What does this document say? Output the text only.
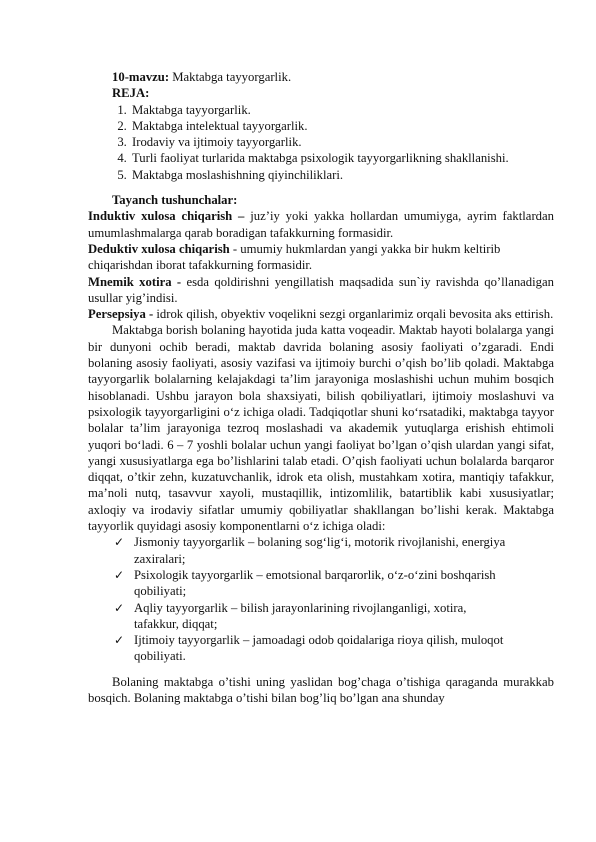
10-mavzu: Maktabga tayyorgarlik.
REJA:
1. Maktabga tayyorgarlik.
2. Maktabga intelektual tayyorgarlik.
3. Irodaviy va ijtimoiy tayyorgarlik.
4. Turli faoliyat turlarida maktabga psixologik tayyorgarlikning shakllanishi.
5. Maktabga moslashishning qiyinchiliklari.
Tayanch tushunchalar:
Induktiv xulosa chiqarish – juz’iy yoki yakka hollardan umumiyga, ayrim faktlardan umumlashmalarga qarab boradigan tafakkurning formasidir.
Deduktiv xulosa chiqarish - umumiy hukmlardan yangi yakka bir hukm keltirib chiqarishdan iborat tafakkurning formasidir.
Mnemik xotira - esda qoldirishni yengillatish maqsadida sun`iy ravishda qo’llanadigan usullar yig’indisi.
Persepsiya - idrok qilish, obyektiv voqelikni sezgi organlarimiz orqali bevosita aks ettirish.
Maktabga borish bolaning hayotida juda katta voqeadir. Maktab hayoti bolalarga yangi bir dunyoni ochib beradi, maktab davrida bolaning asosiy faoliyati o’zgaradi. Endi bolaning asosiy faoliyati, asosiy vazifasi va ijtimoiy burchi o’qish bo’lib qoladi. Maktabga tayyorgarlik bolalarning kelajakdagi ta’lim jarayoniga moslashishi uchun muhim bosqich hisoblanadi. Ushbu jarayon bola shaxsiyati, bilish qobiliyatlari, ijtimoiy moslashuvi va psixologik tayyorgarligini o‘z ichiga oladi. Tadqiqotlar shuni ko‘rsatadiki, maktabga tayyor bolalar ta’lim jarayoniga tezroq moslashadi va akademik yutuqlarga erishish ehtimoli yuqori bo‘ladi. 6 – 7 yoshli bolalar uchun yangi faoliyat bo’lgan o’qish ulardan yangi sifat, yangi xususiyatlarga ega bo’lishlarini talab etadi. O’qish faoliyati uchun bolalarda barqaror diqqat, o’tkir zehn, kuzatuvchanlik, idrok eta olish, mustahkam xotira, mantiqiy tafakkur, ma’noli nutq, tasavvur xayoli, mustaqillik, intizomlilik, batartiblik kabi xususiyatlar; axloqiy va irodaviy sifatlar umumiy qobiliyatlar shakllangan bo’lishi kerak. Maktabga tayyorlik quyidagi asosiy komponentlarni o‘z ichiga oladi:
✓ Jismoniy tayyorgarlik – bolaning sog‘lig‘i, motorik rivojlanishi, energiya
zaxiralari;
✓ Psixologik tayyorgarlik – emotsional barqarorlik, o‘z-o‘zini boshqarish
qobiliyati;
✓ Aqliy tayyorgarlik – bilish jarayonlarining rivojlanganligi, xotira,
tafakkur, diqqat;
✓ Ijtimoiy tayyorgarlik – jamoadagi odob qoidalariga rioya qilish, muloqot
qobiliyati.
Bolaning maktabga o’tishi uning yaslidan bog’chaga o’tishiga qaraganda murakkab bosqich. Bolaning maktabga o’tishi bilan bog’liq bo’lgan ana shunday
